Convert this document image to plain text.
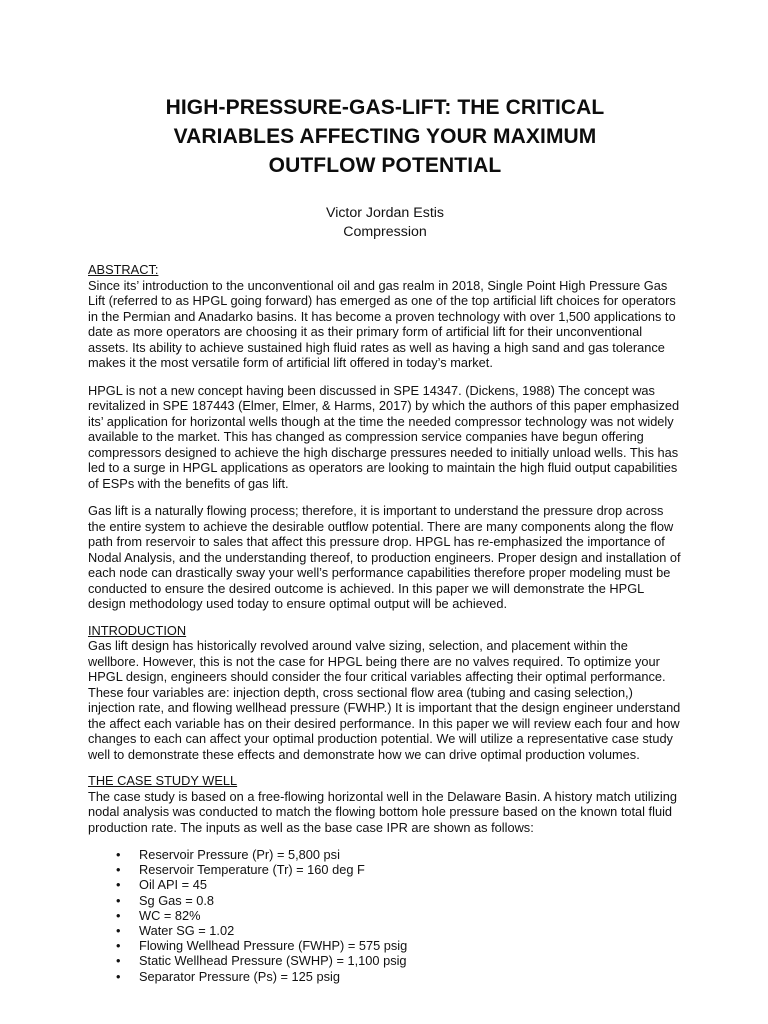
HIGH-PRESSURE-GAS-LIFT: THE CRITICAL
VARIABLES AFFECTING YOUR MAXIMUM
OUTFLOW POTENTIAL
Victor Jordan Estis
Compression
ABSTRACT:

Since its’ introduction to the unconventional oil and gas realm in 2018, Single Point High Pressure Gas Lift (referred to as HPGL going forward) has emerged as one of the top artificial lift choices for operators in the Permian and Anadarko basins. It has become a proven technology with over 1,500 applications to date as more operators are choosing it as their primary form of artificial lift for their unconventional assets. Its ability to achieve sustained high fluid rates as well as having a high sand and gas tolerance makes it the most versatile form of artificial lift offered in today’s market.

HPGL is not a new concept having been discussed in SPE 14347. (Dickens, 1988) The concept was revitalized in SPE 187443 (Elmer, Elmer, & Harms, 2017) by which the authors of this paper emphasized its’ application for horizontal wells though at the time the needed compressor technology was not widely available to the market. This has changed as compression service companies have begun offering compressors designed to achieve the high discharge pressures needed to initially unload wells. This has led to a surge in HPGL applications as operators are looking to maintain the high fluid output capabilities of ESPs with the benefits of gas lift.

Gas lift is a naturally flowing process; therefore, it is important to understand the pressure drop across the entire system to achieve the desirable outflow potential. There are many components along the flow path from reservoir to sales that affect this pressure drop. HPGL has re-emphasized the importance of Nodal Analysis, and the understanding thereof, to production engineers. Proper design and installation of each node can drastically sway your well’s performance capabilities therefore proper modeling must be conducted to ensure the desired outcome is achieved. In this paper we will demonstrate the HPGL design methodology used today to ensure optimal output will be achieved.

INTRODUCTION

Gas lift design has historically revolved around valve sizing, selection, and placement within the wellbore. However, this is not the case for HPGL being there are no valves required. To optimize your HPGL design, engineers should consider the four critical variables affecting their optimal performance. These four variables are: injection depth, cross sectional flow area (tubing and casing selection,) injection rate, and flowing wellhead pressure (FWHP.) It is important that the design engineer understand the affect each variable has on their desired performance. In this paper we will review each four and how changes to each can affect your optimal production potential. We will utilize a representative case study well to demonstrate these effects and demonstrate how we can drive optimal production volumes.

THE CASE STUDY WELL

The case study is based on a free-flowing horizontal well in the Delaware Basin. A history match utilizing nodal analysis was conducted to match the flowing bottom hole pressure based on the known total fluid production rate. The inputs as well as the base case IPR are shown as follows:

• Reservoir Pressure (Pr) = 5,800 psi
• Reservoir Temperature (Tr) = 160 deg F
• Oil API = 45
• Sg Gas = 0.8
• WC = 82%
• Water SG = 1.02
• Flowing Wellhead Pressure (FWHP) = 575 psig
• Static Wellhead Pressure (SWHP) = 1,100 psig
• Separator Pressure (Ps) = 125 psig
